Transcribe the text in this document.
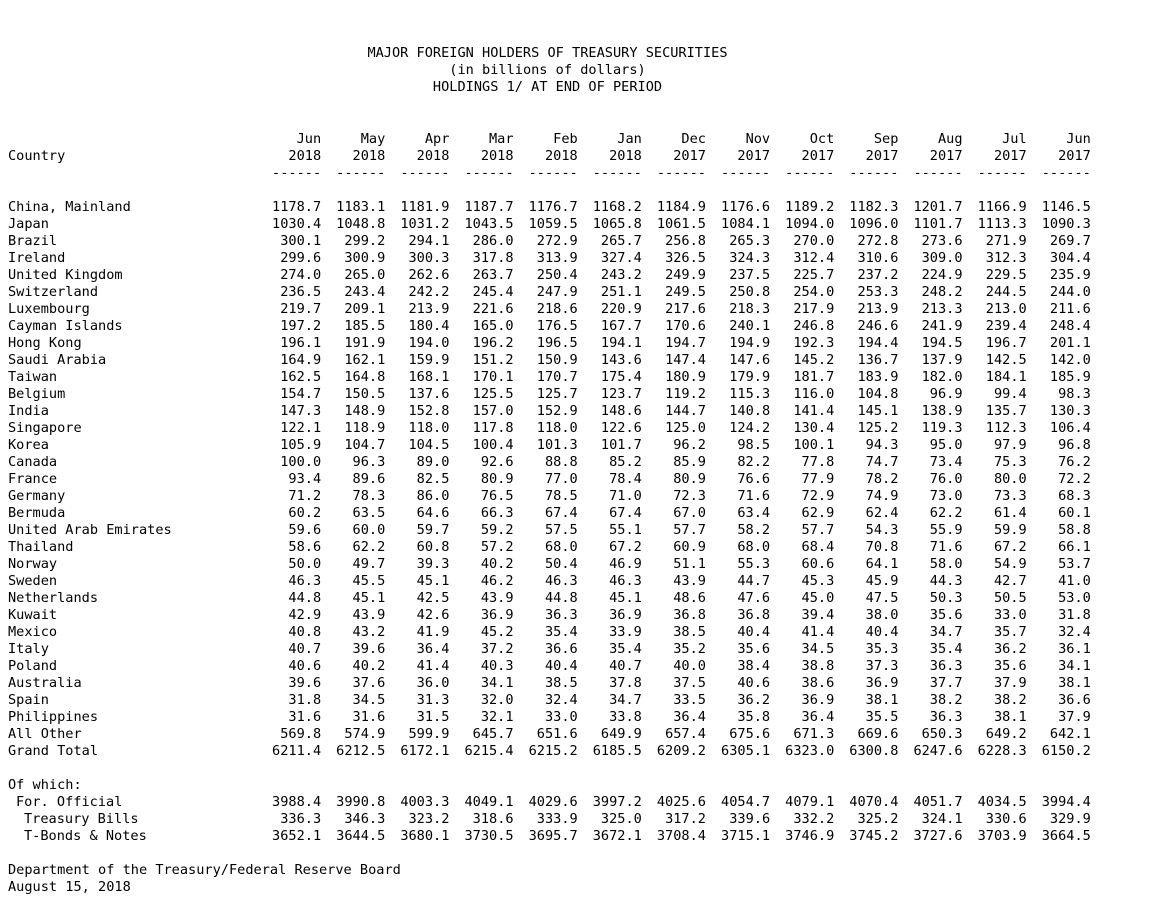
MAJOR FOREIGN HOLDERS OF TREASURY SECURITIES
(in billions of dollars)
HOLDINGS 1/ AT END OF PERIOD
Country	Jun	May	Apr	Mar	Feb	Jan	Dec	Nov	Oct	Sep	Aug	Jul	Jun
	2018	2018	2018	2018	2018	2018	2017	2017	2017	2017	2017	2017	2017
	------	------	------	------	------	------	------	------	------	------	------	------	------

China, Mainland	1178.7	1183.1	1181.9	1187.7	1176.7	1168.2	1184.9	1176.6	1189.2	1182.3	1201.7	1166.9	1146.5
Japan	1030.4	1048.8	1031.2	1043.5	1059.5	1065.8	1061.5	1084.1	1094.0	1096.0	1101.7	1113.3	1090.3
Brazil	300.1	299.2	294.1	286.0	272.9	265.7	256.8	265.3	270.0	272.8	273.6	271.9	269.7
Ireland	299.6	300.9	300.3	317.8	313.9	327.4	326.5	324.3	312.4	310.6	309.0	312.3	304.4
United Kingdom	274.0	265.0	262.6	263.7	250.4	243.2	249.9	237.5	225.7	237.2	224.9	229.5	235.9
Switzerland	236.5	243.4	242.2	245.4	247.9	251.1	249.5	250.8	254.0	253.3	248.2	244.5	244.0
Luxembourg	219.7	209.1	213.9	221.6	218.6	220.9	217.6	218.3	217.9	213.9	213.3	213.0	211.6
Cayman Islands	197.2	185.5	180.4	165.0	176.5	167.7	170.6	240.1	246.8	246.6	241.9	239.4	248.4
Hong Kong	196.1	191.9	194.0	196.2	196.5	194.1	194.7	194.9	192.3	194.4	194.5	196.7	201.1
Saudi Arabia	164.9	162.1	159.9	151.2	150.9	143.6	147.4	147.6	145.2	136.7	137.9	142.5	142.0
Taiwan	162.5	164.8	168.1	170.1	170.7	175.4	180.9	179.9	181.7	183.9	182.0	184.1	185.9
Belgium	154.7	150.5	137.6	125.5	125.7	123.7	119.2	115.3	116.0	104.8	96.9	99.4	98.3
India	147.3	148.9	152.8	157.0	152.9	148.6	144.7	140.8	141.4	145.1	138.9	135.7	130.3
Singapore	122.1	118.9	118.0	117.8	118.0	122.6	125.0	124.2	130.4	125.2	119.3	112.3	106.4
Korea	105.9	104.7	104.5	100.4	101.3	101.7	96.2	98.5	100.1	94.3	95.0	97.9	96.8
Canada	100.0	96.3	89.0	92.6	88.8	85.2	85.9	82.2	77.8	74.7	73.4	75.3	76.2
France	93.4	89.6	82.5	80.9	77.0	78.4	80.9	76.6	77.9	78.2	76.0	80.0	72.2
Germany	71.2	78.3	86.0	76.5	78.5	71.0	72.3	71.6	72.9	74.9	73.0	73.3	68.3
Bermuda	60.2	63.5	64.6	66.3	67.4	67.4	67.0	63.4	62.9	62.4	62.2	61.4	60.1
United Arab Emirates	59.6	60.0	59.7	59.2	57.5	55.1	57.7	58.2	57.7	54.3	55.9	59.9	58.8
Thailand	58.6	62.2	60.8	57.2	68.0	67.2	60.9	68.0	68.4	70.8	71.6	67.2	66.1
Norway	50.0	49.7	39.3	40.2	50.4	46.9	51.1	55.3	60.6	64.1	58.0	54.9	53.7
Sweden	46.3	45.5	45.1	46.2	46.3	46.3	43.9	44.7	45.3	45.9	44.3	42.7	41.0
Netherlands	44.8	45.1	42.5	43.9	44.8	45.1	48.6	47.6	45.0	47.5	50.3	50.5	53.0
Kuwait	42.9	43.9	42.6	36.9	36.3	36.9	36.8	36.8	39.4	38.0	35.6	33.0	31.8
Mexico	40.8	43.2	41.9	45.2	35.4	33.9	38.5	40.4	41.4	40.4	34.7	35.7	32.4
Italy	40.7	39.6	36.4	37.2	36.6	35.4	35.2	35.6	34.5	35.3	35.4	36.2	36.1
Poland	40.6	40.2	41.4	40.3	40.4	40.7	40.0	38.4	38.8	37.3	36.3	35.6	34.1
Australia	39.6	37.6	36.0	34.1	38.5	37.8	37.5	40.6	38.6	36.9	37.7	37.9	38.1
Spain	31.8	34.5	31.3	32.0	32.4	34.7	33.5	36.2	36.9	38.1	38.2	38.2	36.6
Philippines	31.6	31.6	31.5	32.1	33.0	33.8	36.4	35.8	36.4	35.5	36.3	38.1	37.9
All Other	569.8	574.9	599.9	645.7	651.6	649.9	657.4	675.6	671.3	669.6	650.3	649.2	642.1
Grand Total	6211.4	6212.5	6172.1	6215.4	6215.2	6185.5	6209.2	6305.1	6323.0	6300.8	6247.6	6228.3	6150.2

Of which:													
For. Official	3988.4	3990.8	4003.3	4049.1	4029.6	3997.2	4025.6	4054.7	4079.1	4070.4	4051.7	4034.5	3994.4
Treasury Bills	336.3	346.3	323.2	318.6	333.9	325.0	317.2	339.6	332.2	325.2	324.1	330.6	329.9
T-Bonds & Notes	3652.1	3644.5	3680.1	3730.5	3695.7	3672.1	3708.4	3715.1	3746.9	3745.2	3727.6	3703.9	3664.5
Department of the Treasury/Federal Reserve Board
August 15, 2018
